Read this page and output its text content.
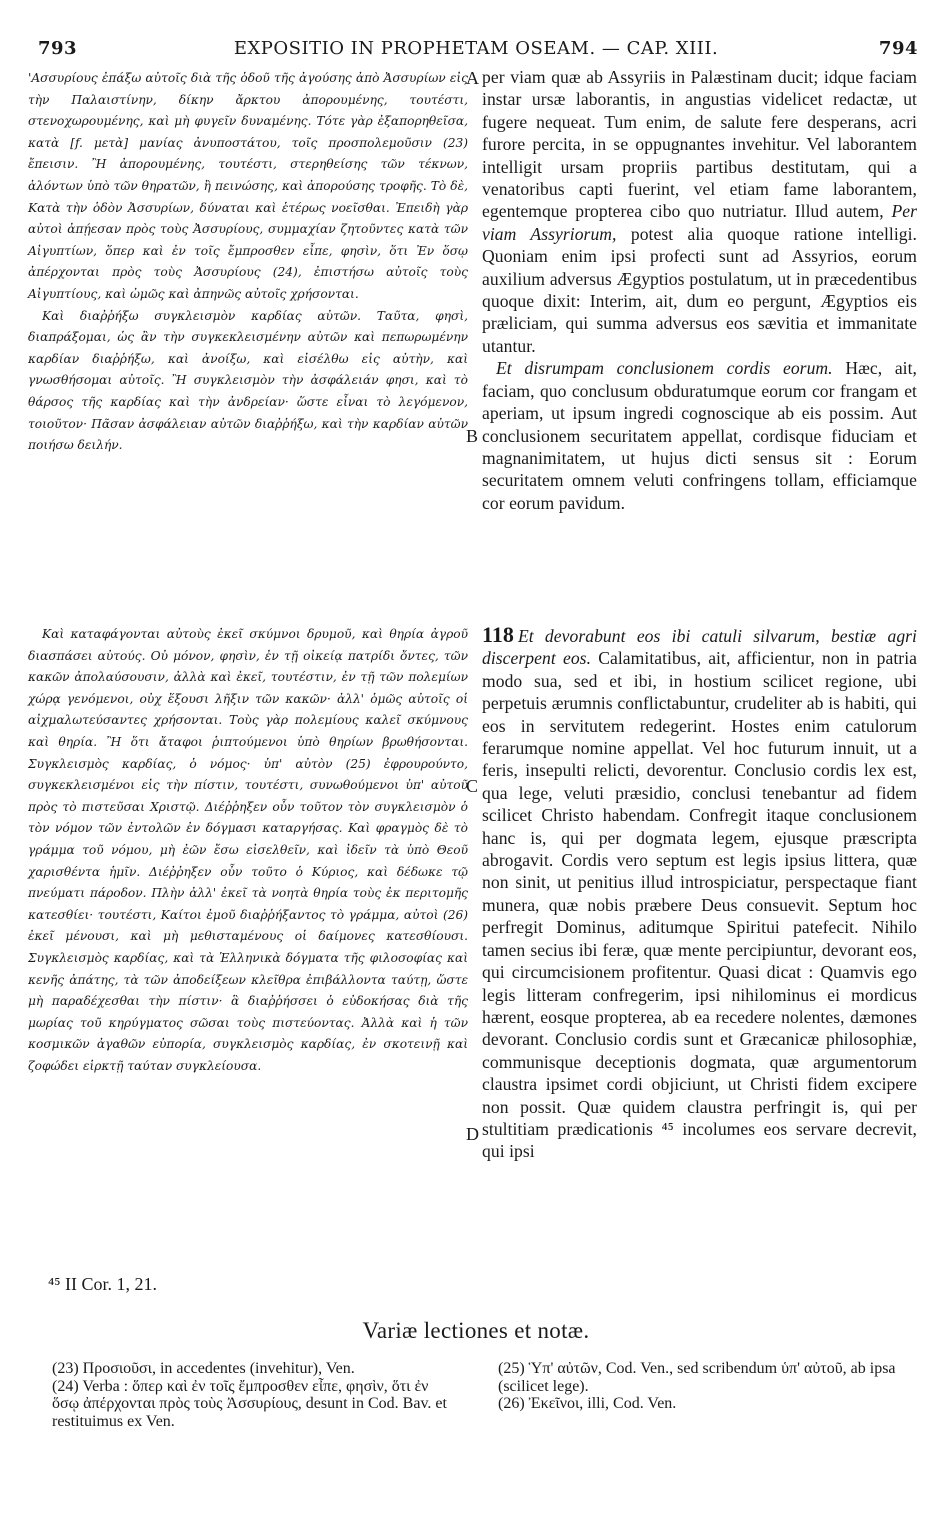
793	EXPOSITIO IN PROPHETAM OSEAM. — CAP. XIII.	794

'Ασσυρίους ἐπάξω αὐτοῖς διὰ τῆς ὁδοῦ τῆς ἀγούσης ἀπὸ Ἀσσυρίων εἰς τὴν Παλαιστίνην, δίκην ἄρκτου ἀπορουμένης, τουτέστι, στενοχωρουμένης, καὶ μὴ φυγεῖν δυναμένης. Τότε γὰρ ἐξαπορηθεῖσα, κατὰ [f. μετὰ] μανίας ἀνυποστάτου, τοῖς προσπολεμοῦσιν (23) ἔπεισιν. Ἢ ἀπορουμένης, τουτέστι, στερηθείσης τῶν τέκνων, ἁλόντων ὑπὸ τῶν θηρατῶν, ἢ πεινώσης, καὶ ἀπορούσης τροφῆς. Τὸ δὲ, Κατὰ τὴν ὁδὸν Ἀσσυρίων, δύναται καὶ ἑτέρως νοεῖσθαι. Ἐπειδὴ γὰρ αὐτοὶ ἀπῄεσαν πρὸς τοὺς Ἀσσυρίους, συμμαχίαν ζητοῦντες κατὰ τῶν Αἰγυπτίων, ὅπερ καὶ ἐν τοῖς ἔμπροσθεν εἶπε, φησὶν, ὅτι Ἐν ὅσῳ ἀπέρχονται πρὸς τοὺς Ἀσσυρίους (24), ἐπιστήσω αὐτοῖς τοὺς Αἰγυπτίους, καὶ ὠμῶς καὶ ἀπηνῶς αὐτοῖς χρήσονται.

Καὶ διαῤῥήξω συγκλεισμὸν καρδίας αὐτῶν. Ταῦτα, φησὶ, διαπράξομαι, ὡς ἂν τὴν συγκεκλεισμένην αὐτῶν καὶ πεπωρωμένην καρδίαν διαῤῥήξω, καὶ ἀνοίξω, καὶ εἰσέλθω εἰς αὐτὴν, καὶ γνωσθήσομαι αὐτοῖς. Ἢ συγκλεισμὸν τὴν ἀσφάλειάν φησι, καὶ τὸ θάρσος τῆς καρδίας καὶ τὴν ἀνδρείαν· ὥστε εἶναι τὸ λεγόμενον, τοιοῦτον· Πᾶσαν ἀσφάλειαν αὐτῶν διαῤῥήξω, καὶ τὴν καρδίαν αὐτῶν ποιήσω δειλήν.

Καὶ καταφάγονται αὐτοὺς ἐκεῖ σκύμνοι δρυμοῦ, καὶ θηρία ἀγροῦ διασπάσει αὐτούς. Οὐ μόνον, φησὶν, ἐν τῇ οἰκείᾳ πατρίδι ὄντες, τῶν κακῶν ἀπολαύσουσιν, ἀλλὰ καὶ ἐκεῖ, τουτέστιν, ἐν τῇ τῶν πολεμίων χώρᾳ γενόμενοι, οὐχ ἕξουσι λῆξιν τῶν κακῶν· ἀλλ' ὁμῶς αὐτοῖς οἱ αἰχμαλωτεύσαντες χρήσονται. Τοὺς γὰρ πολεμίους καλεῖ σκύμνους καὶ θηρία. Ἢ ὅτι ἄταφοι ῥιπτούμενοι ὑπὸ θηρίων βρωθήσονται. Συγκλεισμὸς καρδίας, ὁ νόμος· ὑπ' αὐτὸν (25) ἐφρουρούντο, συγκεκλεισμένοι εἰς τὴν πίστιν, τουτέστι, συνωθούμενοι ὑπ' αὐτοῦ πρὸς τὸ πιστεῦσαι Χριστῷ. Διέῤῥηξεν οὖν τοῦτον τὸν συγκλεισμὸν ὁ τὸν νόμον τῶν ἐντολῶν ἐν δόγμασι καταργήσας. Καὶ φραγμὸς δὲ τὸ γράμμα τοῦ νόμου, μὴ ἐῶν ἔσω εἰσελθεῖν, καὶ ἰδεῖν τὰ ὑπὸ Θεοῦ χαρισθέντα ἡμῖν. Διέῤῥηξεν οὖν τοῦτο ὁ Κύριος, καὶ δέδωκε τῷ πνεύματι πάροδον. Πλὴν ἀλλ' ἐκεῖ τὰ νοητὰ θηρία τοὺς ἐκ περιτομῆς κατεσθίει· τουτέστι, Καίτοι ἐμοῦ διαῤῥήξαντος τὸ γράμμα, αὐτοὶ (26) ἐκεῖ μένουσι, καὶ μὴ μεθισταμένους οἱ δαίμονες κατεσθίουσι. Συγκλεισμὸς καρδίας, καὶ τὰ Ἑλληνικὰ δόγματα τῆς φιλοσοφίας καὶ κενῆς ἀπάτης, τὰ τῶν ἀποδείξεων κλεῖθρα ἐπιβάλλοντα ταύτῃ, ὥστε μὴ παραδέχεσθαι τὴν πίστιν· ἃ διαῤῥήσσει ὁ εὐδοκήσας διὰ τῆς μωρίας τοῦ κηρύγματος σῶσαι τοὺς πιστεύοντας. Ἀλλὰ καὶ ἡ τῶν κοσμικῶν ἀγαθῶν εὐπορία, συγκλεισμὸς καρδίας, ἐν σκοτεινῇ καὶ ζοφώδει εἱρκτῇ ταύταν συγκλείουσα.

A
B
C
D

per viam quæ ab Assyriis in Palæstinam ducit; idque faciam instar ursæ laborantis, in angustias videlicet redactæ, ut fugere nequeat. Tum enim, de salute fere desperans, acri furore percita, in se oppugnantes invehitur. Vel laborantem intelligit ursam propriis partibus destitutam, qui a venatoribus capti fuerint, vel etiam fame laborantem, egentemque propterea cibo quo nutriatur. Illud autem, Per viam Assyriorum, potest alia quoque ratione intelligi. Quoniam enim ipsi profecti sunt ad Assyrios, eorum auxilium adversus Ægyptios postulatum, ut in præcedentibus quoque dixit: Interim, ait, dum eo pergunt, Ægyptios eis præliciam, qui summa adversus eos sævitia et immanitate utantur.

Et disrumpam conclusionem cordis eorum. Hæc, ait, faciam, quo conclusum obduratumque eorum cor frangam et aperiam, ut ipsum ingredi cognoscique ab eis possim. Aut conclusionem securitatem appellat, cordisque fiduciam et magnanimitatem, ut hujus dicti sensus sit : Eorum securitatem omnem veluti confringens tollam, efficiamque cor eorum pavidum.

118 Et devorabunt eos ibi catuli silvarum, bestiæ agri discerpent eos. Calamitatibus, ait, afficientur, non in patria modo sua, sed et ibi, in hostium scilicet regione, ubi perpetuis ærumnis conflictabuntur, crudeliter ab is habiti, qui eos in servitutem redegerint. Hostes enim catulorum ferarumque nomine appellat. Vel hoc futurum innuit, ut a feris, insepulti relicti, devorentur. Conclusio cordis lex est, qua lege, veluti præsidio, conclusi tenebantur ad fidem scilicet Christo habendam. Confregit itaque conclusionem hanc is, qui per dogmata legem, ejusque præscripta abrogavit. Cordis vero septum est legis ipsius littera, quæ non sinit, ut penitius illud introspiciatur, perspectaque fiant munera, quæ nobis præbere Deus consuevit. Septum hoc perfregit Dominus, aditumque Spiritui patefecit. Nihilo tamen secius ibi feræ, quæ mente percipiuntur, devorant eos, qui circumcisionem profitentur. Quasi dicat : Quamvis ego legis litteram confregerim, ipsi nihilominus ei mordicus hærent, eosque propterea, ab ea recedere nolentes, dæmones devorant. Conclusio cordis sunt et Græcanicæ philosophiæ, communisque deceptionis dogmata, quæ argumentorum claustra ipsimet cordi objiciunt, ut Christi fidem excipere non possit. Quæ quidem claustra perfringit is, qui per stultitiam prædicationis ⁴⁵ incolumes eos servare decrevit, qui ipsi

⁴⁵ II Cor. 1, 21.
Variæ lectiones et notæ.

(23) Προσιοῦσι, in accedentes (invehitur), Ven.

(24) Verba : ὅπερ καὶ ἐν τοῖς ἔμπροσθεν εἶπε, φησὶν, ὅτι ἐν ὅσῳ ἀπέρχονται πρὸς τοὺς Ἀσσυρίους, desunt in Cod. Bav. et restituimus ex Ven.

(25) Ὑπ' αὐτῶν, Cod. Ven., sed scribendum ὑπ' αὐτοῦ, ab ipsa (scilicet lege).

(26) Ἐκεῖνοι, illi, Cod. Ven.
